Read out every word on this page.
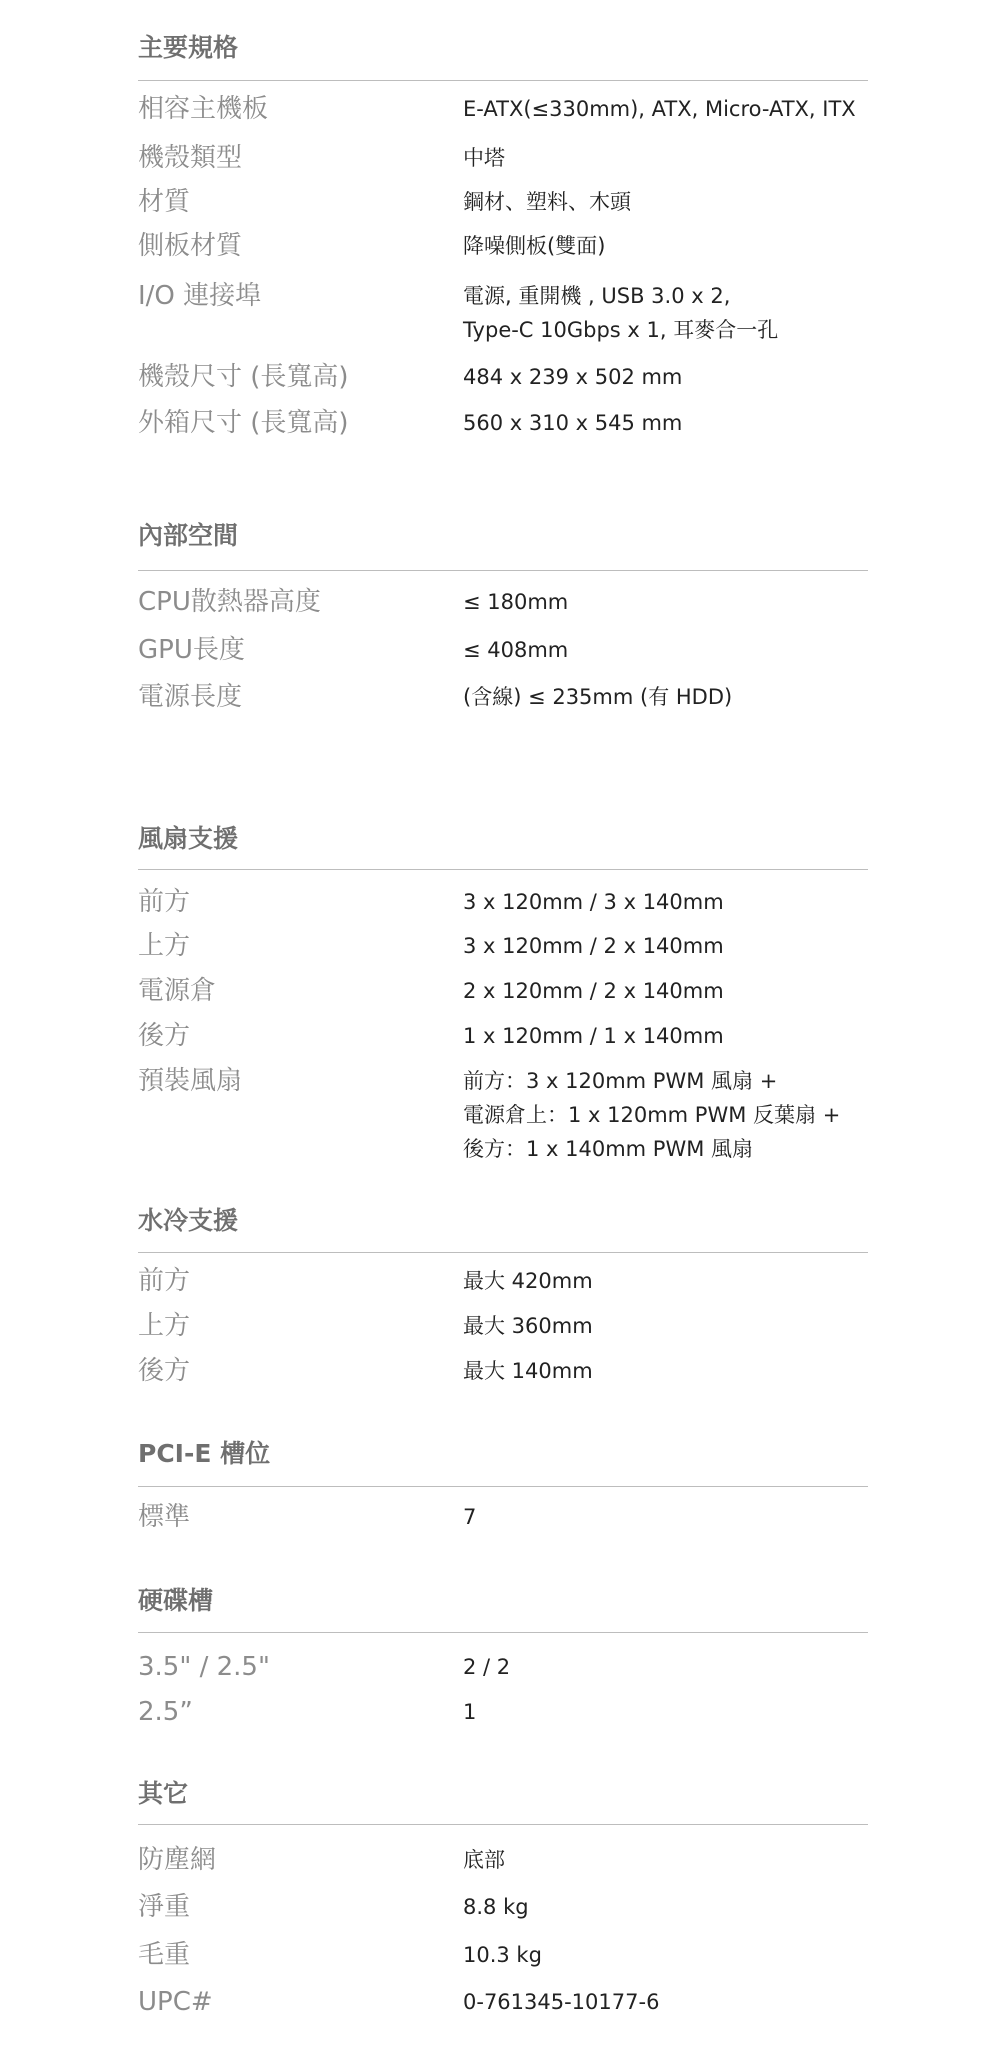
主要規格
相容主機板	E-ATX(≤330mm), ATX, Micro-ATX, ITX
機殼類型	中塔
材質	鋼材、塑料、木頭
側板材質	降噪側板(雙面)
I/O 連接埠	電源, 重開機 , USB 3.0 x 2,
Type-C 10Gbps x 1, 耳麥合一孔
機殼尺寸 (長寬高)	484 x 239 x 502 mm
外箱尺寸 (長寬高)	560 x 310 x 545 mm
內部空間
CPU散熱器高度	≤ 180mm
GPU長度	≤ 408mm
電源長度	(含線) ≤ 235mm (有 HDD)
風扇支援
前方	3 x 120mm / 3 x 140mm
上方	3 x 120mm / 2 x 140mm
電源倉	2 x 120mm / 2 x 140mm
後方	1 x 120mm / 1 x 140mm
預裝風扇	前方：3 x 120mm PWM 風扇 +
電源倉上：1 x 120mm PWM 反葉扇 +
後方：1 x 140mm PWM 風扇
水冷支援
前方	最大 420mm
上方	最大 360mm
後方	最大 140mm
PCI-E 槽位
標準	7
硬碟槽
3.5" / 2.5"	2 / 2
2.5”	1
其它
防塵網	底部
淨重	8.8 kg
毛重	10.3 kg
UPC#	0-761345-10177-6
